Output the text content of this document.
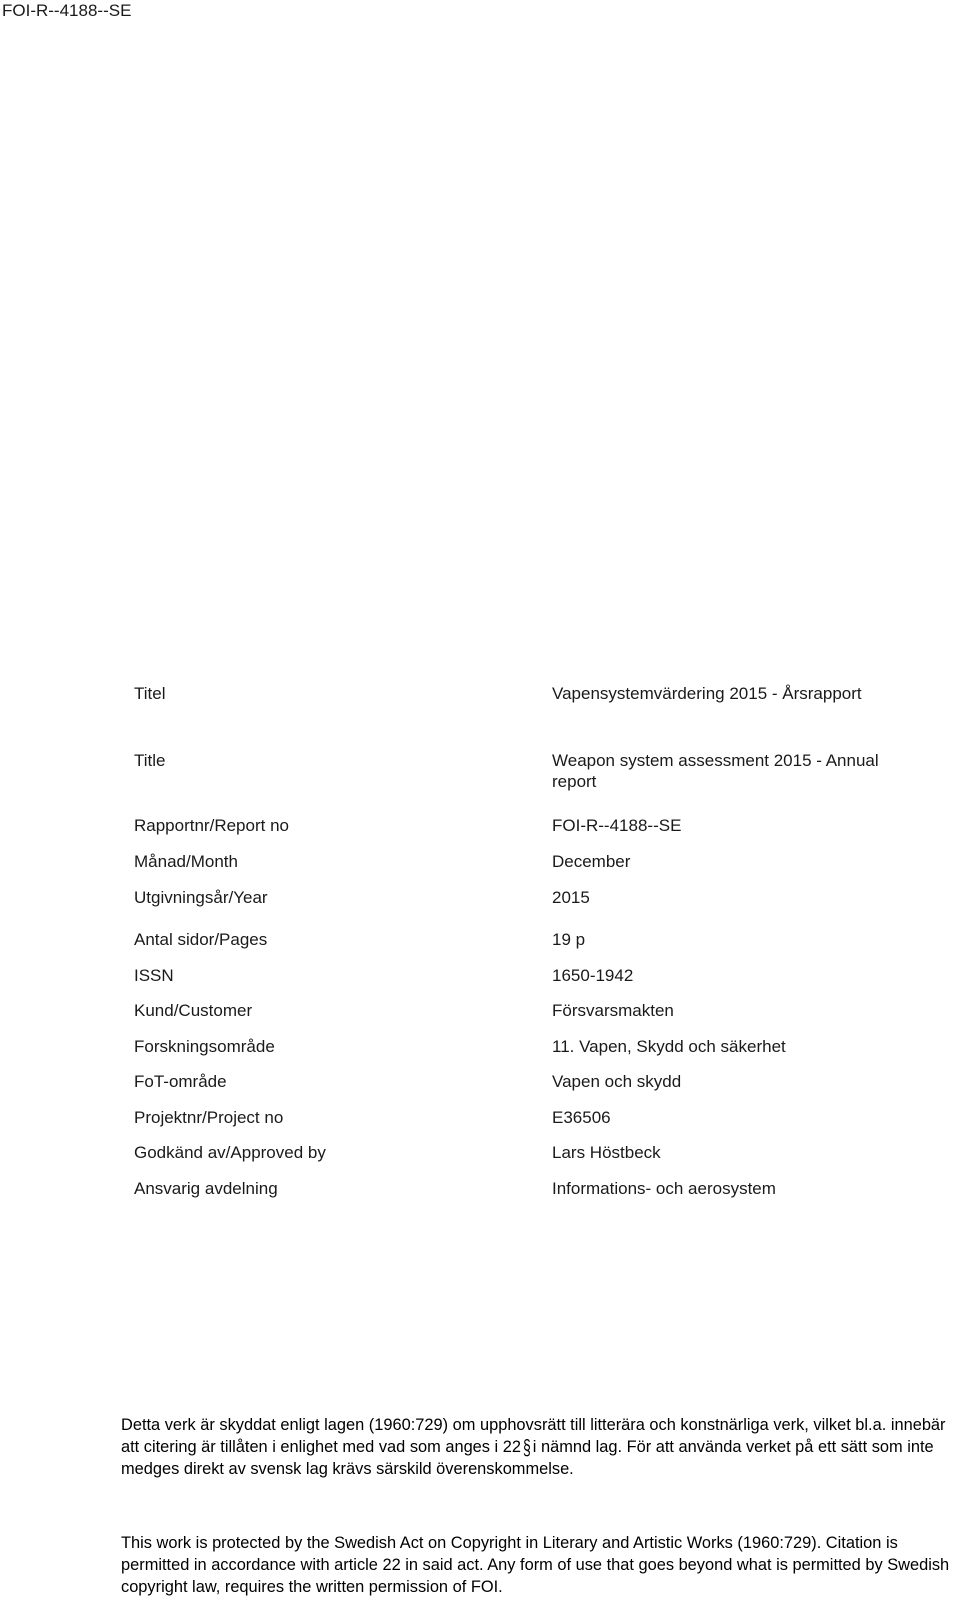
FOI-R--4188--SE
Titel	Vapensystemvärdering 2015 - Årsrapport
Title	Weapon system assessment 2015 - Annual report
Rapportnr/Report no	FOI-R--4188--SE
Månad/Month	December
Utgivningsår/Year	2015
Antal sidor/Pages	19 p
ISSN	1650-1942
Kund/Customer	Försvarsmakten
Forskningsområde	11. Vapen, Skydd och säkerhet
FoT-område	Vapen och skydd
Projektnr/Project no	E36506
Godkänd av/Approved by	Lars Höstbeck
Ansvarig avdelning	Informations- och aerosystem
Detta verk är skyddat enligt lagen (1960:729) om upphovsrätt till litterära och konstnärliga verk, vilket bl.a. innebär att citering är tillåten i enlighet med vad som anges i 22 § i nämnd lag. För att använda verket på ett sätt som inte medges direkt av svensk lag krävs särskild överenskommelse.
This work is protected by the Swedish Act on Copyright in Literary and Artistic Works (1960:729). Citation is permitted in accordance with article 22 in said act. Any form of use that goes beyond what is permitted by Swedish copyright law, requires the written permission of FOI.
